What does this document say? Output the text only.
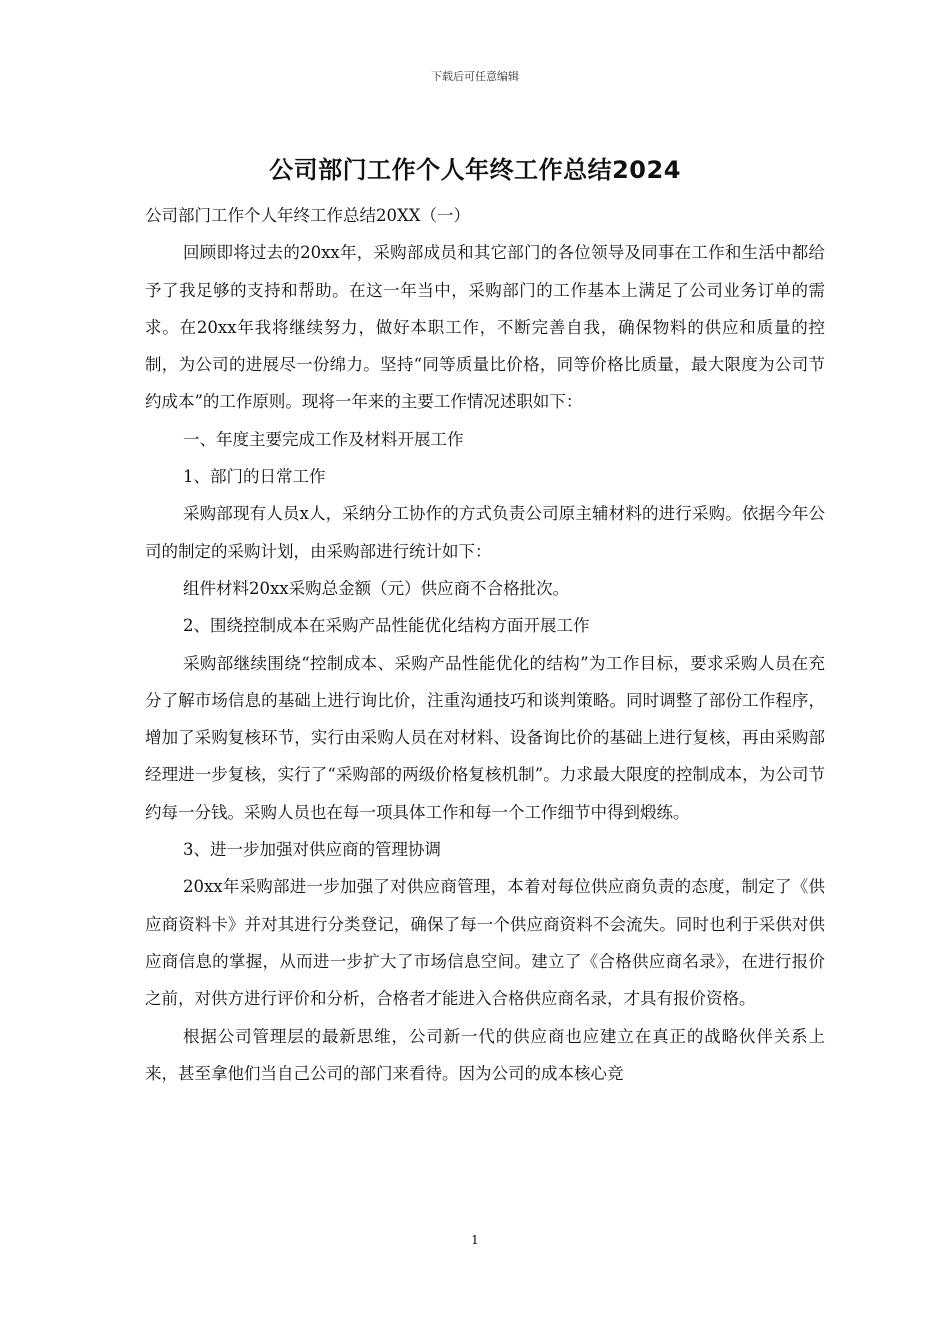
下载后可任意编辑
公司部门工作个人年终工作总结2024

公司部门工作个人年终工作总结20XX（一）

回顾即将过去的20xx年，采购部成员和其它部门的各位领导及同事在工作和生活中都给予了我足够的支持和帮助。在这一年当中，采购部门的工作基本上满足了公司业务订单的需求。在20xx年我将继续努力，做好本职工作，不断完善自我，确保物料的供应和质量的控制，为公司的进展尽一份绵力。坚持“同等质量比价格，同等价格比质量，最大限度为公司节约成本”的工作原则。现将一年来的主要工作情况述职如下：

一、年度主要完成工作及材料开展工作

1、部门的日常工作

采购部现有人员x人，采纳分工协作的方式负责公司原主辅材料的进行采购。依据今年公司的制定的采购计划，由采购部进行统计如下：

组件材料20xx采购总金额（元）供应商不合格批次。

2、围绕控制成本在采购产品性能优化结构方面开展工作

采购部继续围绕“控制成本、采购产品性能优化的结构”为工作目标，要求采购人员在充分了解市场信息的基础上进行询比价，注重沟通技巧和谈判策略。同时调整了部份工作程序，增加了采购复核环节，实行由采购人员在对材料、设备询比价的基础上进行复核，再由采购部经理进一步复核，实行了“采购部的两级价格复核机制”。力求最大限度的控制成本，为公司节约每一分钱。采购人员也在每一项具体工作和每一个工作细节中得到煅练。

3、进一步加强对供应商的管理协调

20xx年采购部进一步加强了对供应商管理，本着对每位供应商负责的态度，制定了《供应商资料卡》并对其进行分类登记，确保了每一个供应商资料不会流失。同时也利于采供对供应商信息的掌握，从而进一步扩大了市场信息空间。建立了《合格供应商名录》，在进行报价之前，对供方进行评价和分析，合格者才能进入合格供应商名录，才具有报价资格。

根据公司管理层的最新思维，公司新一代的供应商也应建立在真正的战略伙伴关系上来，甚至拿他们当自己公司的部门来看待。因为公司的成本核心竞

1
